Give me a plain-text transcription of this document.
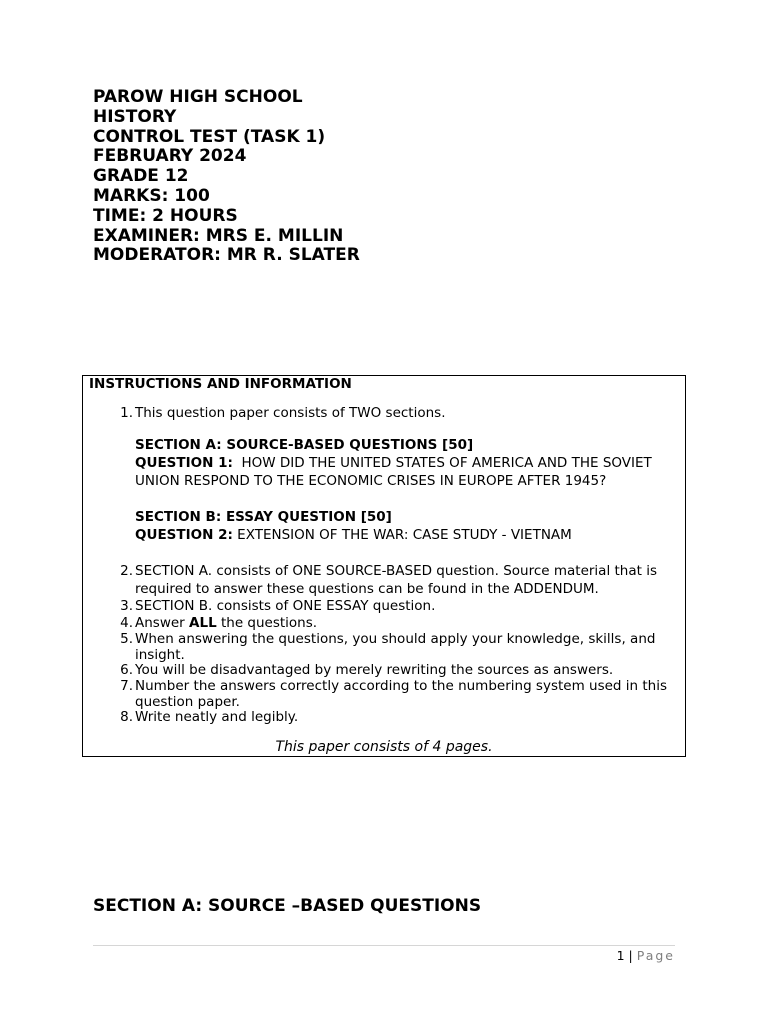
PAROW HIGH SCHOOL
HISTORY
CONTROL TEST (TASK 1)
FEBRUARY 2024
GRADE 12
MARKS: 100
TIME: 2 HOURS
EXAMINER: MRS E. MILLIN
MODERATOR: MR R. SLATER
INSTRUCTIONS AND INFORMATION
1. This question paper consists of TWO sections.
SECTION A: SOURCE-BASED QUESTIONS [50]
QUESTION 1:  HOW DID THE UNITED STATES OF AMERICA AND THE SOVIET UNION RESPOND TO THE ECONOMIC CRISES IN EUROPE AFTER 1945?
SECTION B: ESSAY QUESTION [50]
QUESTION 2: EXTENSION OF THE WAR: CASE STUDY - VIETNAM
2. SECTION A. consists of ONE SOURCE-BASED question. Source material that is required to answer these questions can be found in the ADDENDUM.
3. SECTION B. consists of ONE ESSAY question.
4. Answer ALL the questions.
5. When answering the questions, you should apply your knowledge, skills, and insight.
6. You will be disadvantaged by merely rewriting the sources as answers.
7. Number the answers correctly according to the numbering system used in this question paper.
8. Write neatly and legibly.
This paper consists of 4 pages.
SECTION A: SOURCE –BASED QUESTIONS
1 | Page
